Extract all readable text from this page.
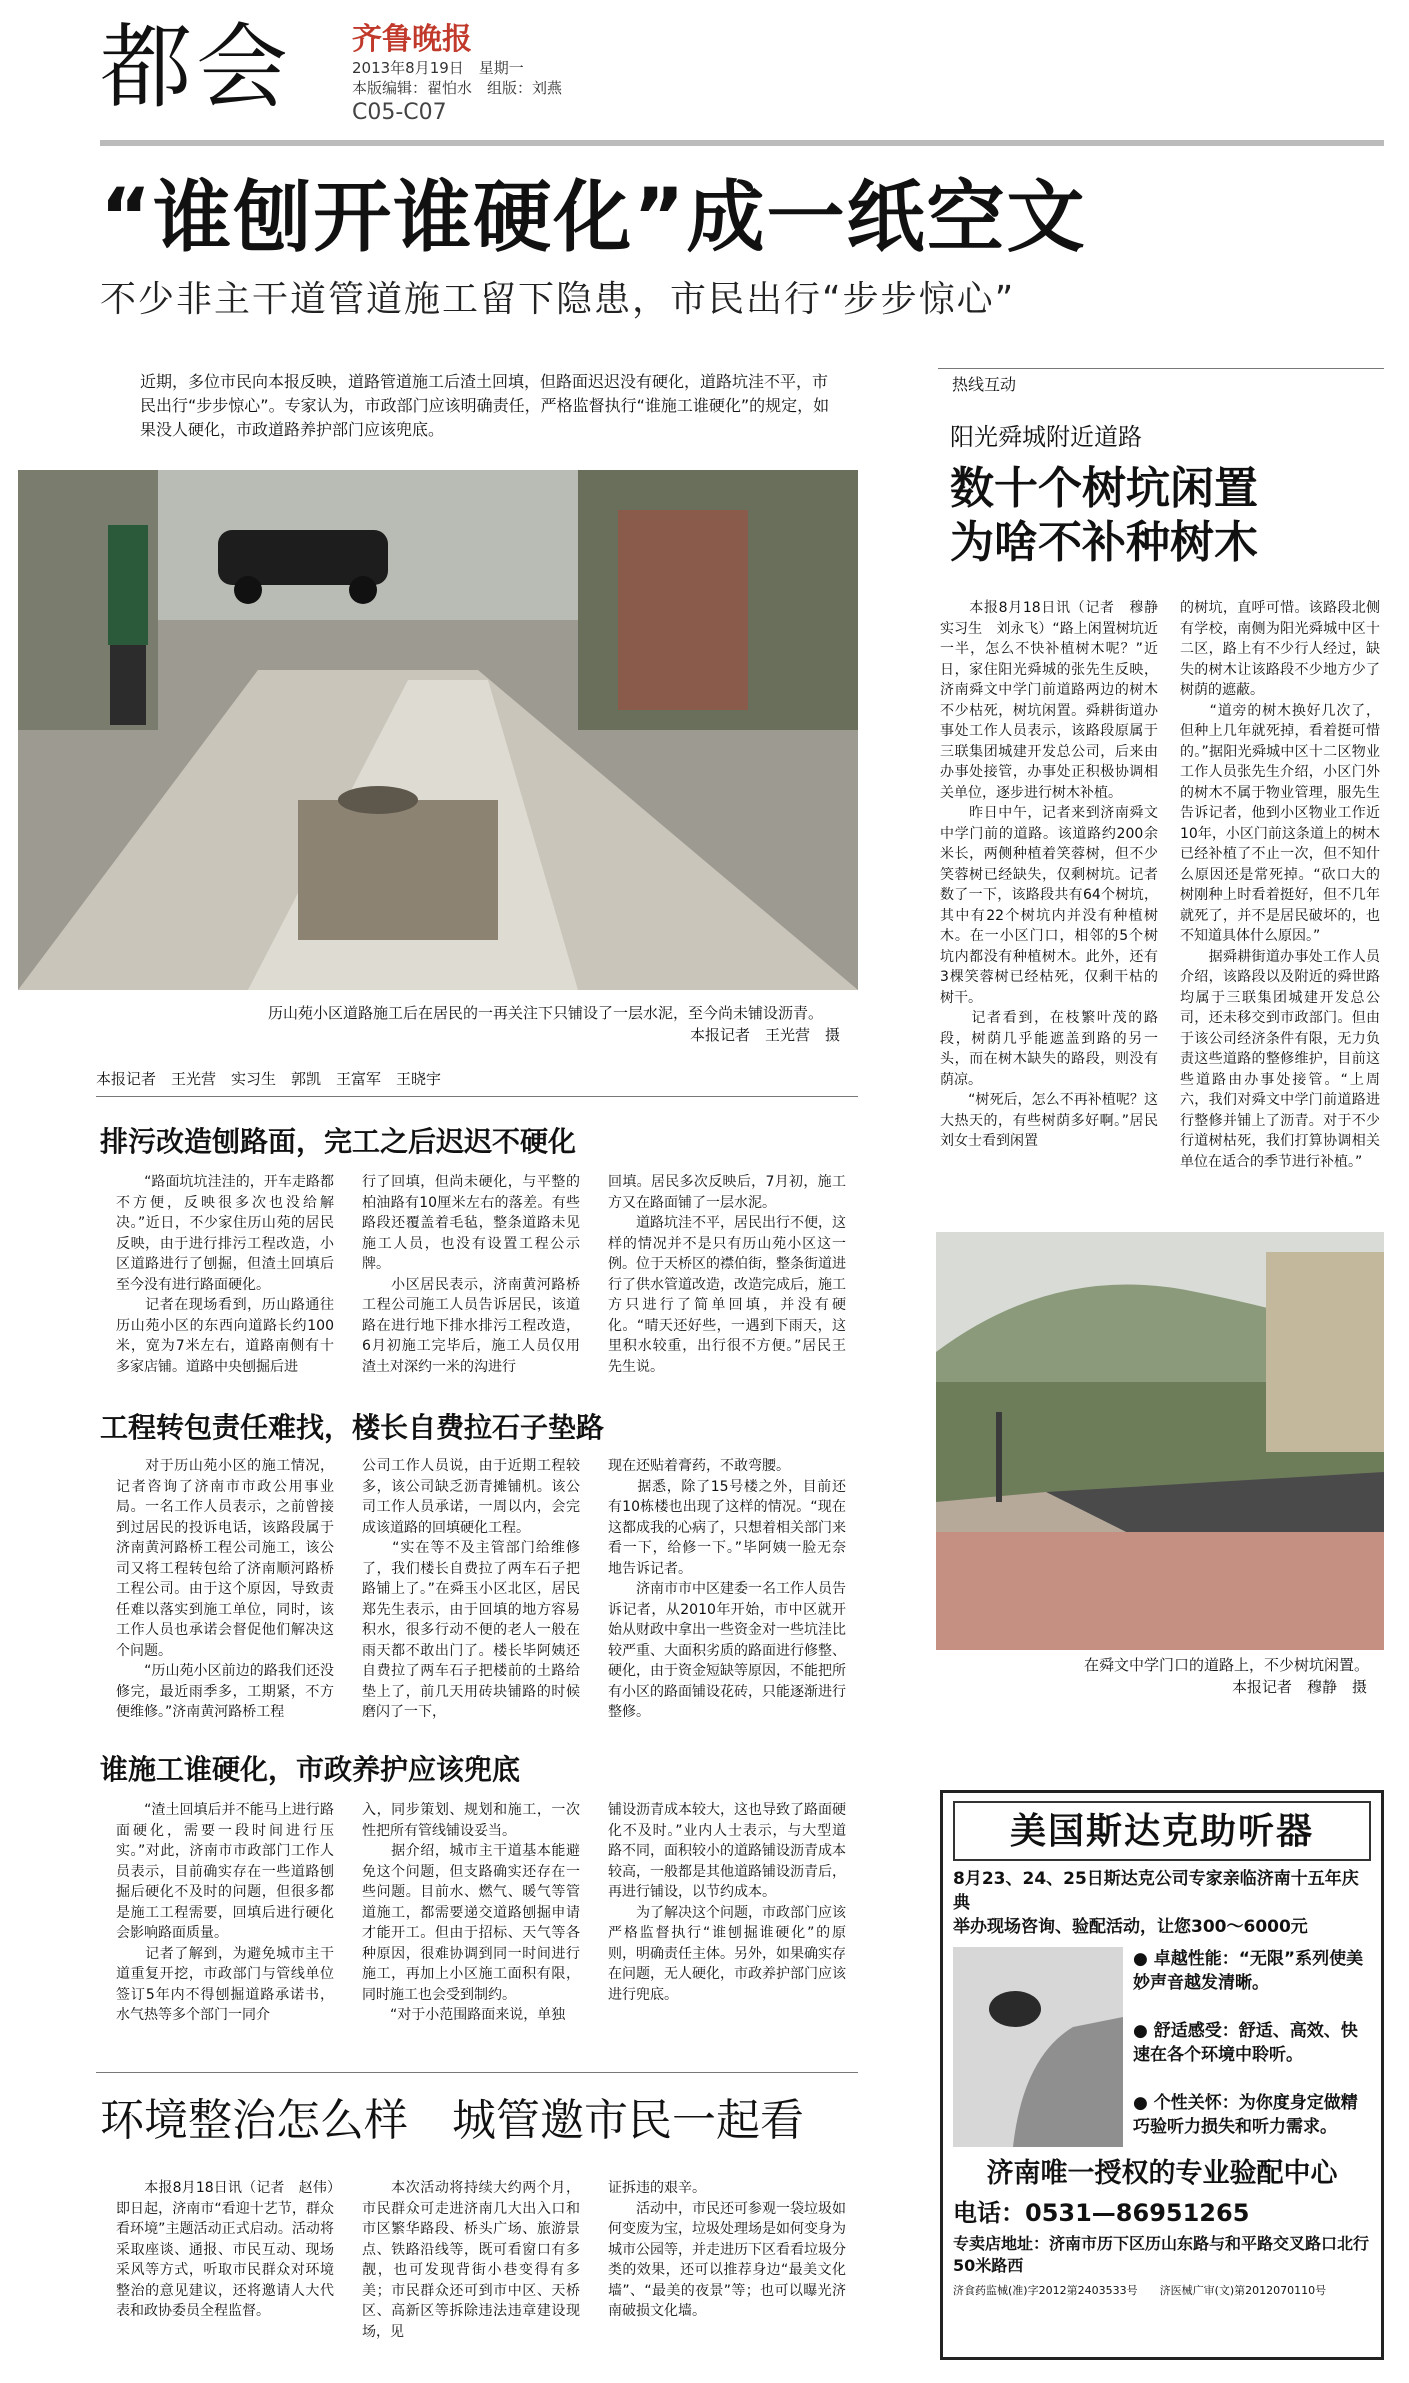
都会 齐鲁晚报
2013年8月19日　星期一
本版编辑：翟怕水　组版：刘燕
C05-C07
“谁刨开谁硬化”成一纸空文
不少非主干道管道施工留下隐患，市民出行“步步惊心”
近期，多位市民向本报反映，道路管道施工后渣土回填，但路面迟迟没有硬化，道路坑洼不平，市民出行“步步惊心”。专家认为，市政部门应该明确责任，严格监督执行“谁施工谁硬化”的规定，如果没人硬化，市政道路养护部门应该兜底。
历山苑小区道路施工后在居民的一再关注下只铺设了一层水泥，至今尚未铺设沥青。
本报记者　王光营　摄
本报记者　王光营　实习生　郭凯　王富军　王晓宇
排污改造刨路面，完工之后迟迟不硬化
　　“路面坑坑洼洼的，开车走路都不方便，反映很多次也没给解决。”近日，不少家住历山苑的居民反映，由于进行排污工程改造，小区道路进行了刨掘，但渣土回填后至今没有进行路面硬化。
　　记者在现场看到，历山路通往历山苑小区的东西向道路长约100米，宽为7米左右，道路南侧有十多家店铺。道路中央刨掘后进
行了回填，但尚未硬化，与平整的柏油路有10厘米左右的落差。有些路段还覆盖着毛毡，整条道路未见施工人员，也没有设置工程公示牌。
　　小区居民表示，济南黄河路桥工程公司施工人员告诉居民，该道路在进行地下排水排污工程改造，6月初施工完毕后，施工人员仅用渣土对深约一米的沟进行
回填。居民多次反映后，7月初，施工方又在路面铺了一层水泥。
　　道路坑洼不平，居民出行不便，这样的情况并不是只有历山苑小区这一例。位于天桥区的襟伯街，整条街道进行了供水管道改造，改造完成后，施工方只进行了简单回填，并没有硬化。“晴天还好些，一遇到下雨天，这里积水较重，出行很不方便。”居民王先生说。
工程转包责任难找，楼长自费拉石子垫路
　　对于历山苑小区的施工情况，记者咨询了济南市市政公用事业局。一名工作人员表示，之前曾接到过居民的投诉电话，该路段属于济南黄河路桥工程公司施工，该公司又将工程转包给了济南顺河路桥工程公司。由于这个原因，导致责任难以落实到施工单位，同时，该工作人员也承诺会督促他们解决这个问题。
　　“历山苑小区前边的路我们还没修完，最近雨季多，工期紧，不方便维修。”济南黄河路桥工程
公司工作人员说，由于近期工程较多，该公司缺乏沥青摊铺机。该公司工作人员承诺，一周以内，会完成该道路的回填硬化工程。
　　“实在等不及主管部门给维修了，我们楼长自费拉了两车石子把路铺上了。”在舜玉小区北区，居民郑先生表示，由于回填的地方容易积水，很多行动不便的老人一般在雨天都不敢出门了。楼长毕阿姨还自费拉了两车石子把楼前的土路给垫上了，前几天用砖块铺路的时候磨闪了一下，
现在还贴着膏药，不敢弯腰。
　　据悉，除了15号楼之外，目前还有10栋楼也出现了这样的情况。“现在这都成我的心病了，只想着相关部门来看一下，给修一下。”毕阿姨一脸无奈地告诉记者。
　　济南市市中区建委一名工作人员告诉记者，从2010年开始，市中区就开始从财政中拿出一些资金对一些坑洼比较严重、大面积劣质的路面进行修整、硬化，由于资金短缺等原因，不能把所有小区的路面铺设花砖，只能逐渐进行整修。
谁施工谁硬化，市政养护应该兜底
　　“渣土回填后并不能马上进行路面硬化，需要一段时间进行压实。”对此，济南市市政部门工作人员表示，目前确实存在一些道路刨掘后硬化不及时的问题，但很多都是施工工程需要，回填后进行硬化会影响路面质量。
　　记者了解到，为避免城市主干道重复开挖，市政部门与管线单位签订5年内不得刨掘道路承诺书，水气热等多个部门一同介
入，同步策划、规划和施工，一次性把所有管线铺设妥当。
　　据介绍，城市主干道基本能避免这个问题，但支路确实还存在一些问题。目前水、燃气、暖气等管道施工，都需要递交道路刨掘申请才能开工。但由于招标、天气等各种原因，很难协调到同一时间进行施工，再加上小区施工面积有限，同时施工也会受到制约。
　　“对于小范围路面来说，单独
铺设沥青成本较大，这也导致了路面硬化不及时。”业内人士表示，与大型道路不同，面积较小的道路铺设沥青成本较高，一般都是其他道路铺设沥青后，再进行铺设，以节约成本。
　　为了解决这个问题，市政部门应该严格监督执行“谁刨掘谁硬化”的原则，明确责任主体。另外，如果确实存在问题，无人硬化，市政养护部门应该进行兜底。
环境整治怎么样　城管邀市民一起看
　　本报8月18日讯（记者　赵伟）即日起，济南市“看迎十艺节，群众看环境”主题活动正式启动。活动将采取座谈、通报、市民互动、现场采风等方式，听取市民群众对环境整治的意见建议，还将邀请人大代表和政协委员全程监督。
　　本次活动将持续大约两个月，市民群众可走进济南几大出入口和市区繁华路段、桥头广场、旅游景点、铁路沿线等，既可看窗口有多靓，也可发现背街小巷变得有多美；市民群众还可到市中区、天桥区、高新区等拆除违法违章建设现场，见
证拆违的艰辛。
　　活动中，市民还可参观一袋垃圾如何变废为宝，垃圾处理场是如何变身为城市公园等，并走进历下区看看垃圾分类的效果，还可以推荐身边“最美文化墙”、“最美的夜景”等；也可以曝光济南破损文化墙。
热线互动
阳光舜城附近道路
数十个树坑闲置
为啥不补种树木
　　本报8月18日讯（记者　穆静　实习生　刘永飞）“路上闲置树坑近一半，怎么不快补植树木呢？”近日，家住阳光舜城的张先生反映，济南舜文中学门前道路两边的树木不少枯死，树坑闲置。舜耕街道办事处工作人员表示，该路段原属于三联集团城建开发总公司，后来由办事处接管，办事处正积极协调相关单位，逐步进行树木补植。
　　昨日中午，记者来到济南舜文中学门前的道路。该道路约200余米长，两侧种植着笑蓉树，但不少笑蓉树已经缺失，仅剩树坑。记者数了一下，该路段共有64个树坑，其中有22个树坑内并没有种植树木。在一小区门口，相邻的5个树坑内都没有种植树木。此外，还有3棵笑蓉树已经枯死，仅剩干枯的树干。
　　记者看到，在枝繁叶茂的路段，树荫几乎能遮盖到路的另一头，而在树木缺失的路段，则没有荫凉。
　　“树死后，怎么不再补植呢？这大热天的，有些树荫多好啊。”居民刘女士看到闲置
的树坑，直呼可惜。该路段北侧有学校，南侧为阳光舜城中区十二区，路上有不少行人经过，缺失的树木让该路段不少地方少了树荫的遮蔽。
　　“道旁的树木换好几次了，但种上几年就死掉，看着挺可惜的。”据阳光舜城中区十二区物业工作人员张先生介绍，小区门外的树木不属于物业管理，服先生告诉记者，他到小区物业工作近10年，小区门前这条道上的树木已经补植了不止一次，但不知什么原因还是常死掉。“砍口大的树刚种上时看着挺好，但不几年就死了，并不是居民破坏的，也不知道具体什么原因。”
　　据舜耕街道办事处工作人员介绍，该路段以及附近的舜世路均属于三联集团城建开发总公司，还未移交到市政部门。但由于该公司经济条件有限，无力负责这些道路的整修维护，目前这些道路由办事处接管。“上周六，我们对舜文中学门前道路进行整修并铺上了沥青。对于不少行道树枯死，我们打算协调相关单位在适合的季节进行补植。”
在舜文中学门口的道路上，不少树坑闲置。
本报记者　穆静　摄
美国斯达克助听器
8月23、24、25日斯达克公司专家亲临济南十五年庆典
举办现场咨询、验配活动，让您300～6000元
● 卓越性能：“无限”系列使美妙声音越发清晰。
● 舒适感受：舒适、高效、快速在各个环境中聆听。
● 个性关怀：为你度身定做精巧验听力损失和听力需求。
济南唯一授权的专业验配中心
电话：0531—86951265
专卖店地址：济南市历下区历山东路与和平路交叉路口北行50米路西
济食药监械(准)字2012第2403533号　　济医械广审(文)第2012070110号
